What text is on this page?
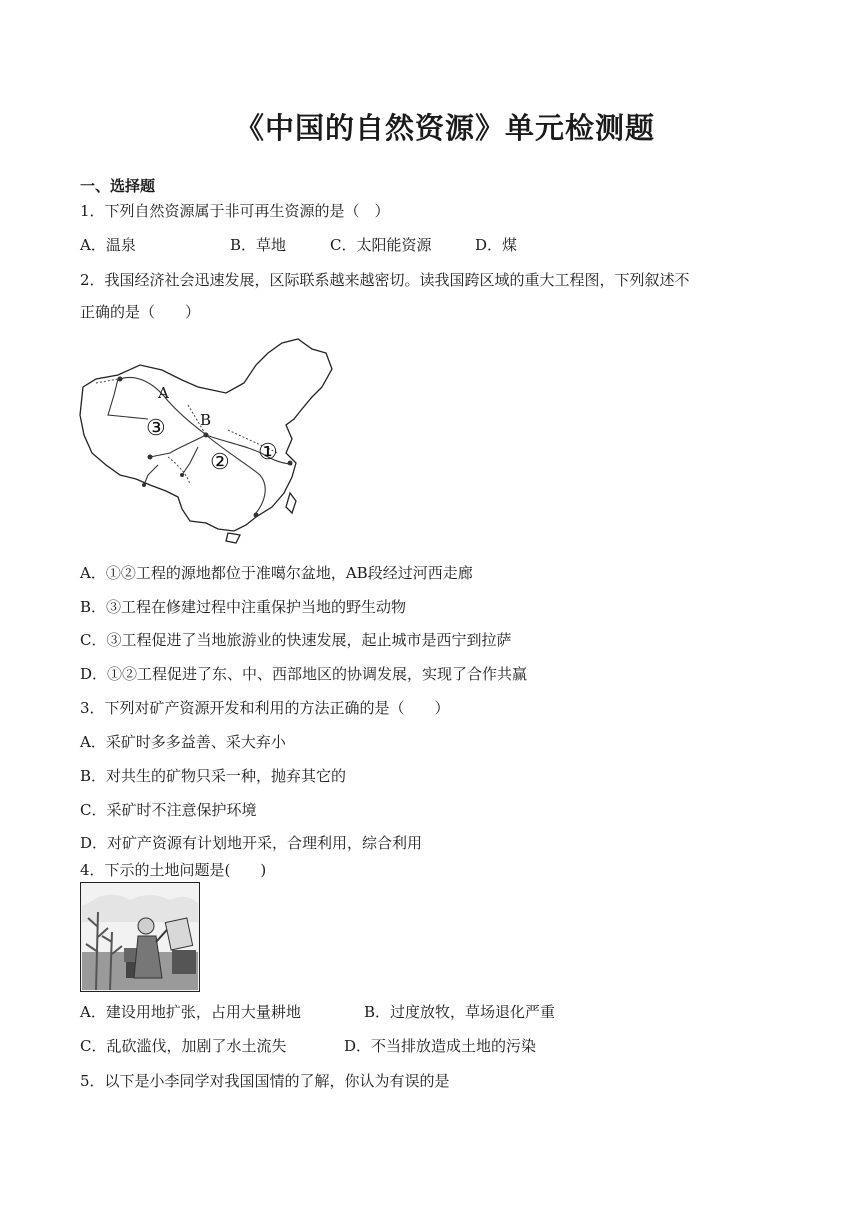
《中国的自然资源》单元检测题
一、选择题
1．下列自然资源属于非可再生资源的是（　）
A．温泉	B．草地	C．太阳能资源	D．煤
2．我国经济社会迅速发展，区际联系越来越密切。读我国跨区域的重大工程图，下列叙述不
正确的是（　　）
A
B
③
② ①
A．①②工程的源地都位于准噶尔盆地，AB段经过河西走廊
B．③工程在修建过程中注重保护当地的野生动物
C．③工程促进了当地旅游业的快速发展，起止城市是西宁到拉萨
D．①②工程促进了东、中、西部地区的协调发展，实现了合作共赢
3．下列对矿产资源开发和利用的方法正确的是（　　）
A．采矿时多多益善、采大弃小
B．对共生的矿物只采一种，抛弃其它的
C．采矿时不注意保护环境
D．对矿产资源有计划地开采，合理利用，综合利用
4．下示的土地问题是(　　)
A．建设用地扩张，占用大量耕地	B．过度放牧，草场退化严重
C．乱砍滥伐，加剧了水土流失	D．不当排放造成土地的污染
5．以下是小李同学对我国国情的了解，你认为有误的是
